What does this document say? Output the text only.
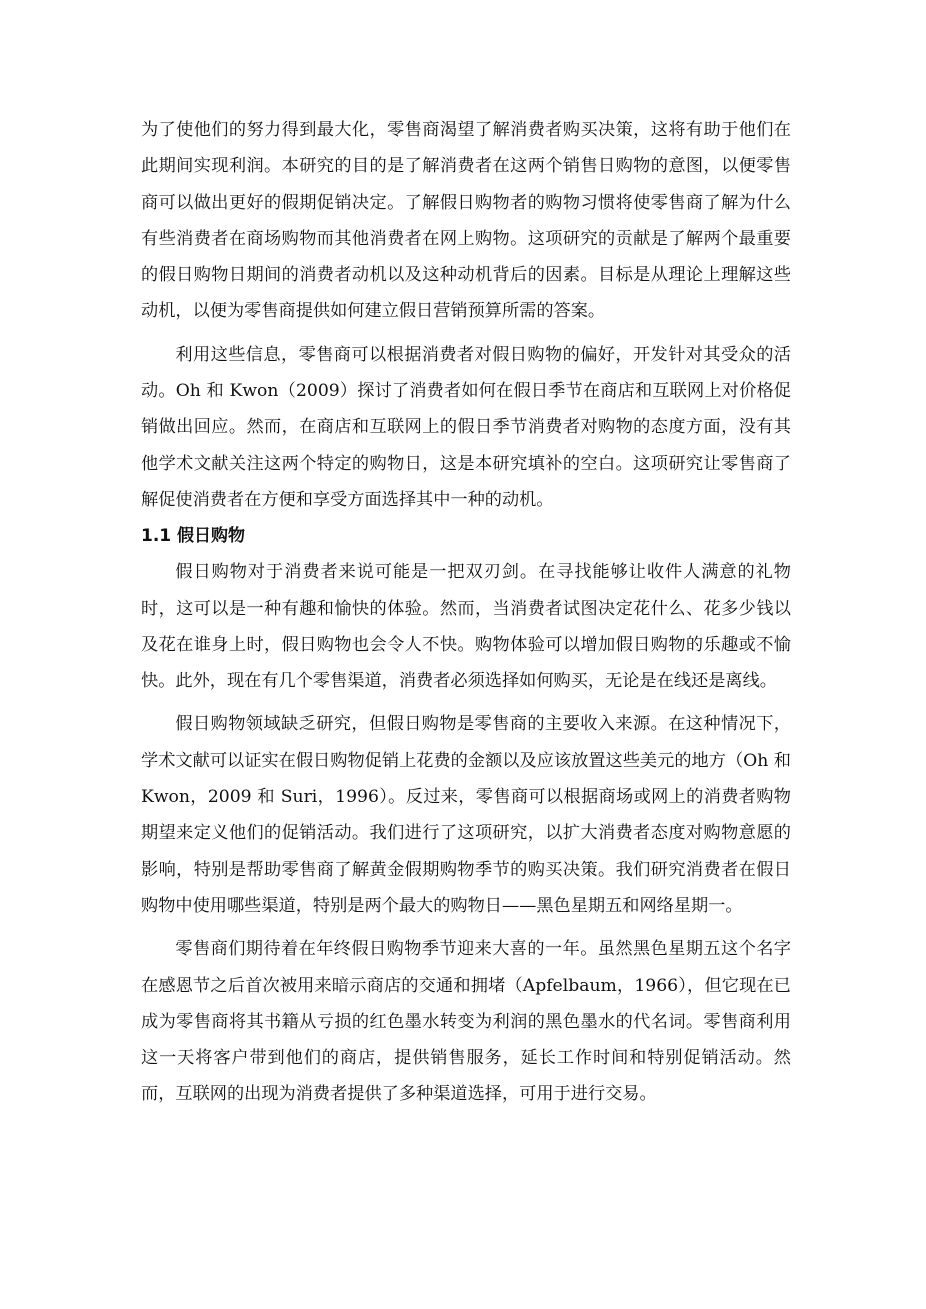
为了使他们的努力得到最大化，零售商渴望了解消费者购买决策，这将有助于他们在此期间实现利润。本研究的目的是了解消费者在这两个销售日购物的意图，以便零售商可以做出更好的假期促销决定。了解假日购物者的购物习惯将使零售商了解为什么有些消费者在商场购物而其他消费者在网上购物。这项研究的贡献是了解两个最重要的假日购物日期间的消费者动机以及这种动机背后的因素。目标是从理论上理解这些动机，以便为零售商提供如何建立假日营销预算所需的答案。

利用这些信息，零售商可以根据消费者对假日购物的偏好，开发针对其受众的活动。Oh 和 Kwon（2009）探讨了消费者如何在假日季节在商店和互联网上对价格促销做出回应。然而，在商店和互联网上的假日季节消费者对购物的态度方面，没有其他学术文献关注这两个特定的购物日，这是本研究填补的空白。这项研究让零售商了解促使消费者在方便和享受方面选择其中一种的动机。

1.1 假日购物

假日购物对于消费者来说可能是一把双刃剑。在寻找能够让收件人满意的礼物时，这可以是一种有趣和愉快的体验。然而，当消费者试图决定花什么、花多少钱以及花在谁身上时，假日购物也会令人不快。购物体验可以增加假日购物的乐趣或不愉快。此外，现在有几个零售渠道，消费者必须选择如何购买，无论是在线还是离线。

假日购物领域缺乏研究，但假日购物是零售商的主要收入来源。在这种情况下，学术文献可以证实在假日购物促销上花费的金额以及应该放置这些美元的地方（Oh 和 Kwon，2009 和 Suri，1996）。反过来，零售商可以根据商场或网上的消费者购物期望来定义他们的促销活动。我们进行了这项研究，以扩大消费者态度对购物意愿的影响，特别是帮助零售商了解黄金假期购物季节的购买决策。我们研究消费者在假日购物中使用哪些渠道，特别是两个最大的购物日——黑色星期五和网络星期一。

零售商们期待着在年终假日购物季节迎来大喜的一年。虽然黑色星期五这个名字在感恩节之后首次被用来暗示商店的交通和拥堵（Apfelbaum，1966），但它现在已成为零售商将其书籍从亏损的红色墨水转变为利润的黑色墨水的代名词。零售商利用这一天将客户带到他们的商店，提供销售服务，延长工作时间和特别促销活动。然而，互联网的出现为消费者提供了多种渠道选择，可用于进行交易。
